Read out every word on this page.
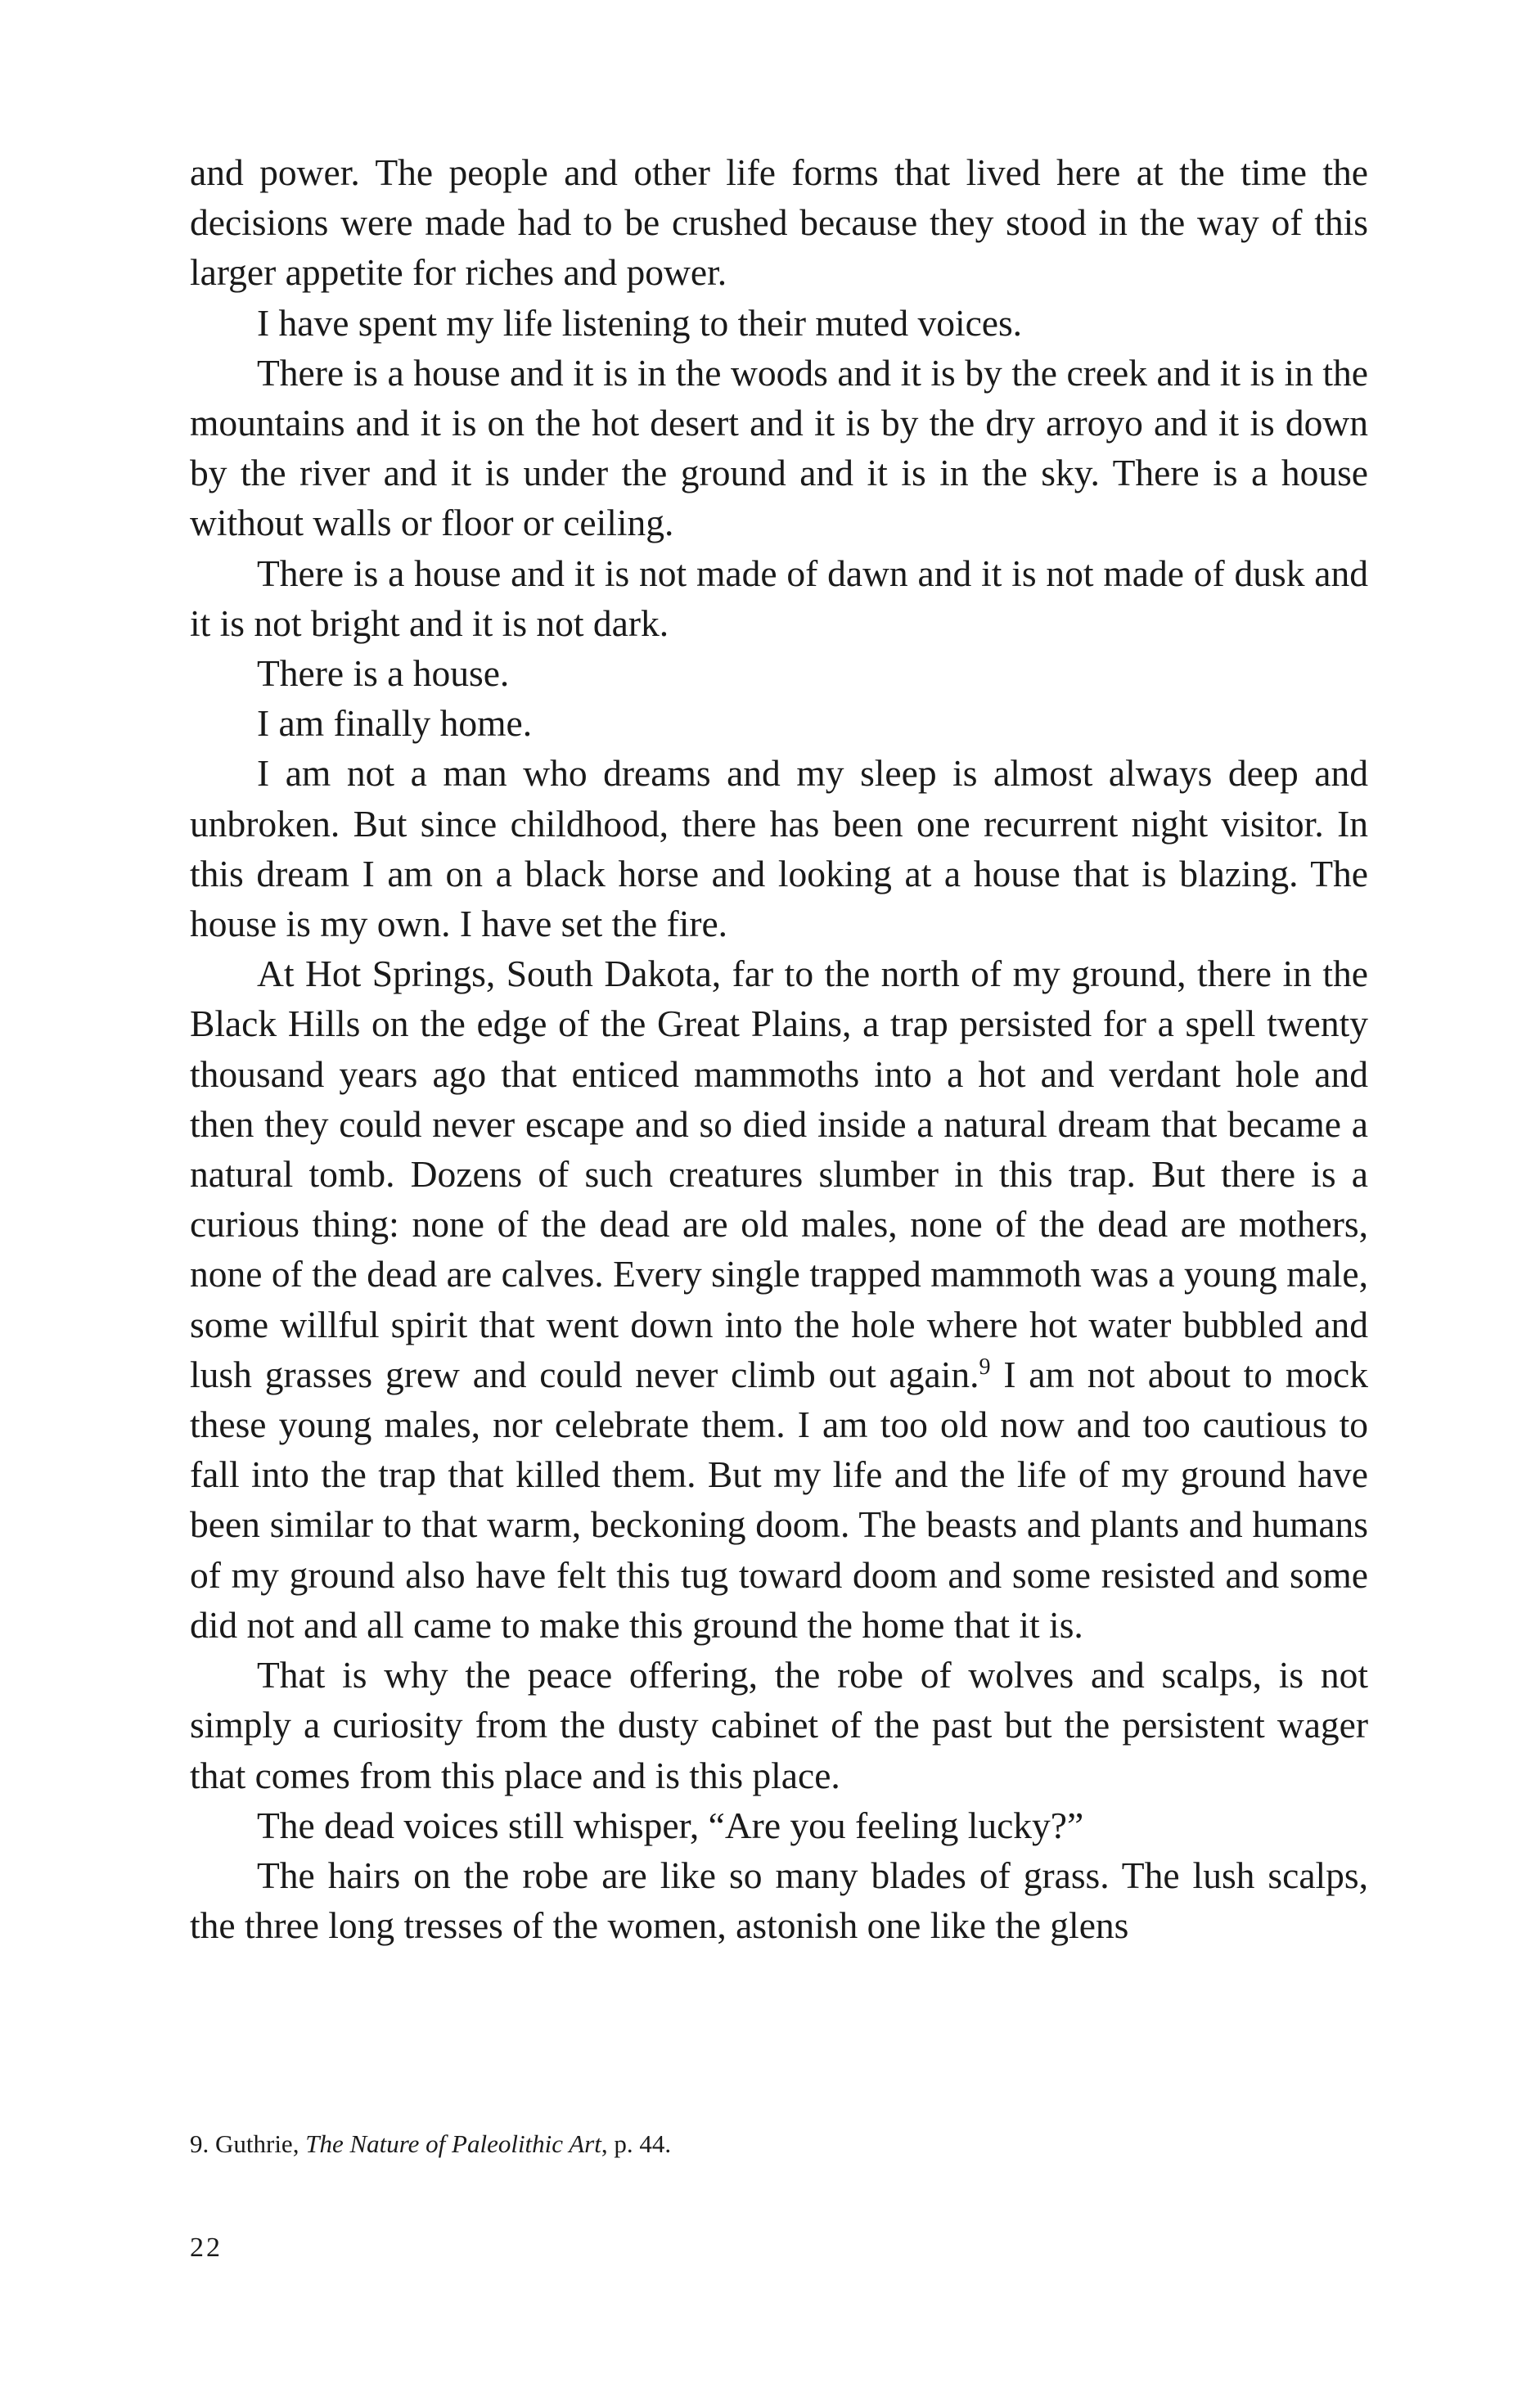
and power. The people and other life forms that lived here at the time the decisions were made had to be crushed because they stood in the way of this larger appetite for riches and power.

I have spent my life listening to their muted voices.

There is a house and it is in the woods and it is by the creek and it is in the mountains and it is on the hot desert and it is by the dry arroyo and it is down by the river and it is under the ground and it is in the sky. There is a house without walls or floor or ceiling.

There is a house and it is not made of dawn and it is not made of dusk and it is not bright and it is not dark.

There is a house.

I am finally home.

I am not a man who dreams and my sleep is almost always deep and unbroken. But since childhood, there has been one recurrent night visitor. In this dream I am on a black horse and looking at a house that is blazing. The house is my own. I have set the fire.

At Hot Springs, South Dakota, far to the north of my ground, there in the Black Hills on the edge of the Great Plains, a trap persisted for a spell twenty thousand years ago that enticed mammoths into a hot and verdant hole and then they could never escape and so died inside a natural dream that became a natural tomb. Dozens of such creatures slumber in this trap. But there is a curious thing: none of the dead are old males, none of the dead are mothers, none of the dead are calves. Every single trapped mammoth was a young male, some willful spirit that went down into the hole where hot water bubbled and lush grasses grew and could never climb out again.$^9$ I am not about to mock these young males, nor celebrate them. I am too old now and too cautious to fall into the trap that killed them. But my life and the life of my ground have been similar to that warm, beckoning doom. The beasts and plants and humans of my ground also have felt this tug toward doom and some resisted and some did not and all came to make this ground the home that it is.

That is why the peace offering, the robe of wolves and scalps, is not simply a curiosity from the dusty cabinet of the past but the persistent wager that comes from this place and is this place.

The dead voices still whisper, “Are you feeling lucky?”

The hairs on the robe are like so many blades of grass. The lush scalps, the three long tresses of the women, astonish one like the glens

9. Guthrie, The Nature of Paleolithic Art, p. 44.

22
